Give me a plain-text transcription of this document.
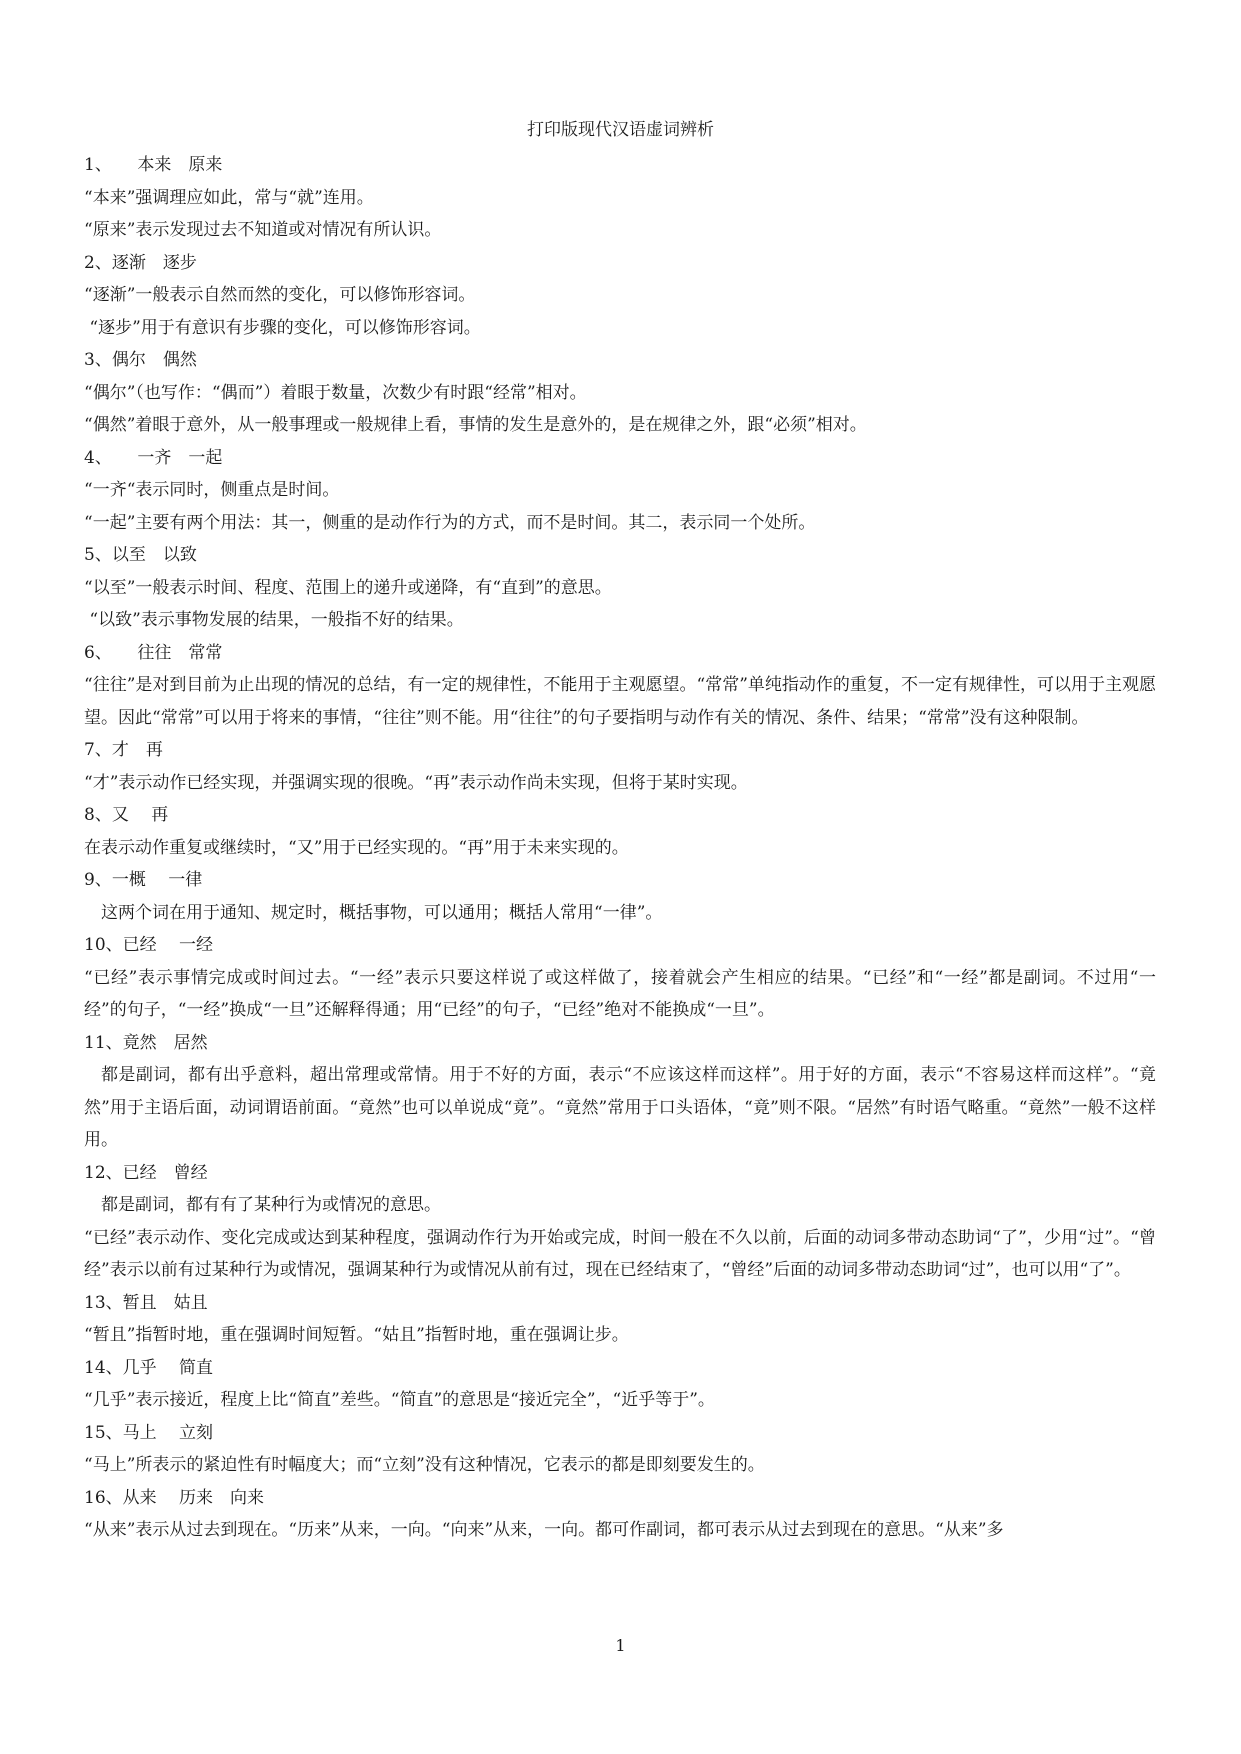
打印版现代汉语虚词辨析
1、　　本来　原来
“本来”强调理应如此，常与“就”连用。
“原来”表示发现过去不知道或对情况有所认识。
2、逐渐　逐步
“逐渐”一般表示自然而然的变化，可以修饰形容词。
“逐步”用于有意识有步骤的变化，可以修饰形容词。
3、偶尔　偶然
“偶尔”（也写作：“偶而”）着眼于数量，次数少有时跟“经常”相对。
“偶然”着眼于意外，从一般事理或一般规律上看，事情的发生是意外的，是在规律之外，跟“必须”相对。
4、　　一齐　一起
“一齐“表示同时，侧重点是时间。
“一起”主要有两个用法：其一，侧重的是动作行为的方式，而不是时间。其二，表示同一个处所。
5、以至　以致
“以至”一般表示时间、程度、范围上的递升或递降，有“直到”的意思。
“以致”表示事物发展的结果，一般指不好的结果。
6、　　往往　常常
“往往”是对到目前为止出现的情况的总结，有一定的规律性，不能用于主观愿望。“常常”单纯指动作的重复，不一定有规律性，可以用于主观愿望。因此“常常”可以用于将来的事情，“往往”则不能。用“往往”的句子要指明与动作有关的情况、条件、结果；“常常”没有这种限制。
7、才　再
“才”表示动作已经实现，并强调实现的很晚。“再”表示动作尚未实现，但将于某时实现。
8、又　 再
在表示动作重复或继续时，“又”用于已经实现的。“再”用于未来实现的。
9、一概　 一律
这两个词在用于通知、规定时，概括事物，可以通用；概括人常用“一律”。
10、已经　 一经
“已经”表示事情完成或时间过去。“一经”表示只要这样说了或这样做了，接着就会产生相应的结果。“已经”和“一经”都是副词。不过用“一经”的句子，“一经”换成“一旦”还解释得通；用“已经”的句子，“已经”绝对不能换成“一旦”。
11、竟然　居然
都是副词，都有出乎意料，超出常理或常情。用于不好的方面，表示“不应该这样而这样”。用于好的方面，表示“不容易这样而这样”。“竟然”用于主语后面，动词谓语前面。“竟然”也可以单说成“竟”。“竟然”常用于口头语体，“竟”则不限。“居然”有时语气略重。“竟然”一般不这样用。
12、已经　曾经
都是副词，都有有了某种行为或情况的意思。
“已经”表示动作、变化完成或达到某种程度，强调动作行为开始或完成，时间一般在不久以前，后面的动词多带动态助词“了”，少用“过”。“曾经”表示以前有过某种行为或情况，强调某种行为或情况从前有过，现在已经结束了，“曾经”后面的动词多带动态助词“过”，也可以用“了”。
13、暂且　姑且
“暂且”指暂时地，重在强调时间短暂。“姑且”指暂时地，重在强调让步。
14、几乎　 简直
“几乎”表示接近，程度上比“简直”差些。“简直”的意思是“接近完全”，“近乎等于”。
15、马上　 立刻
“马上”所表示的紧迫性有时幅度大；而“立刻”没有这种情况，它表示的都是即刻要发生的。
16、从来　 历来　向来
“从来”表示从过去到现在。“历来”从来，一向。“向来”从来，一向。都可作副词，都可表示从过去到现在的意思。“从来”多
1
